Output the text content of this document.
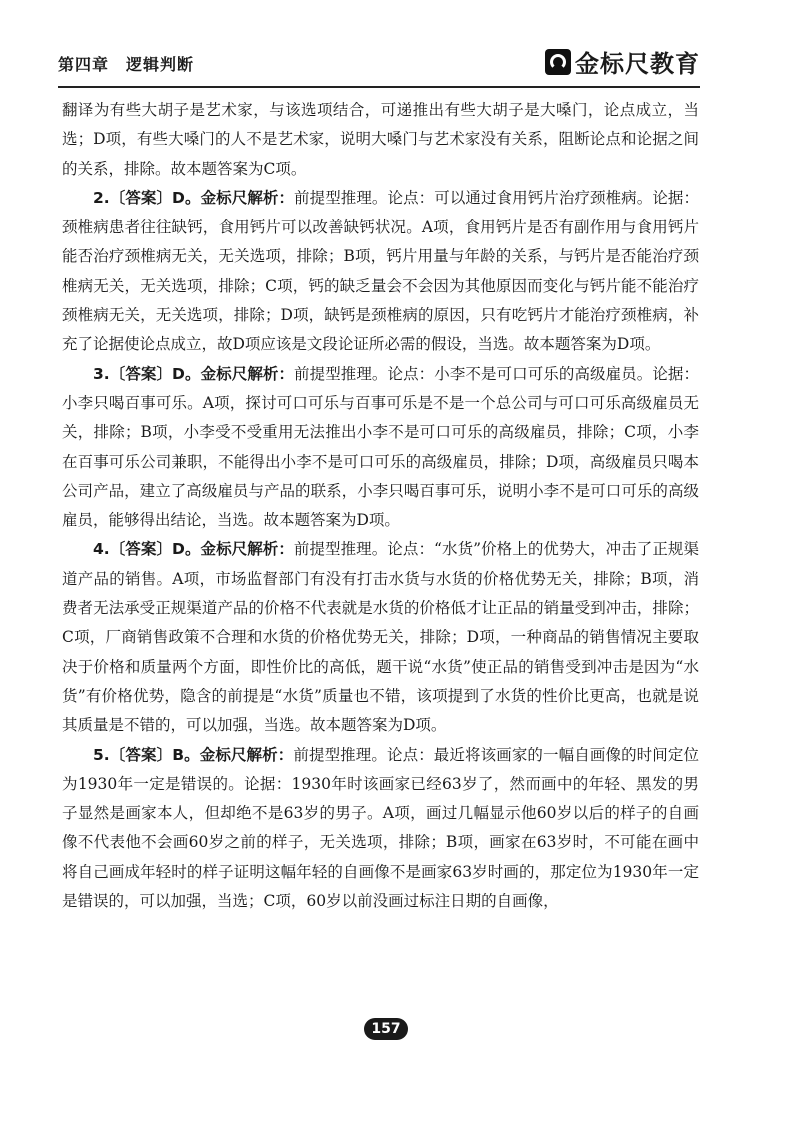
第四章　逻辑判断	金标尺教育

翻译为有些大胡子是艺术家，与该选项结合，可递推出有些大胡子是大嗓门，论点成立，当选；D项，有些大嗓门的人不是艺术家，说明大嗓门与艺术家没有关系，阻断论点和论据之间的关系，排除。故本题答案为C项。

2.〔答案〕D。金标尺解析：前提型推理。论点：可以通过食用钙片治疗颈椎病。论据：颈椎病患者往往缺钙，食用钙片可以改善缺钙状况。A项，食用钙片是否有副作用与食用钙片能否治疗颈椎病无关，无关选项，排除；B项，钙片用量与年龄的关系，与钙片是否能治疗颈椎病无关，无关选项，排除；C项，钙的缺乏量会不会因为其他原因而变化与钙片能不能治疗颈椎病无关，无关选项，排除；D项，缺钙是颈椎病的原因，只有吃钙片才能治疗颈椎病，补充了论据使论点成立，故D项应该是文段论证所必需的假设，当选。故本题答案为D项。

3.〔答案〕D。金标尺解析：前提型推理。论点：小李不是可口可乐的高级雇员。论据：小李只喝百事可乐。A项，探讨可口可乐与百事可乐是不是一个总公司与可口可乐高级雇员无关，排除；B项，小李受不受重用无法推出小李不是可口可乐的高级雇员，排除；C项，小李在百事可乐公司兼职，不能得出小李不是可口可乐的高级雇员，排除；D项，高级雇员只喝本公司产品，建立了高级雇员与产品的联系，小李只喝百事可乐，说明小李不是可口可乐的高级雇员，能够得出结论，当选。故本题答案为D项。

4.〔答案〕D。金标尺解析：前提型推理。论点：“水货”价格上的优势大，冲击了正规渠道产品的销售。A项，市场监督部门有没有打击水货与水货的价格优势无关，排除；B项，消费者无法承受正规渠道产品的价格不代表就是水货的价格低才让正品的销量受到冲击，排除；C项，厂商销售政策不合理和水货的价格优势无关，排除；D项，一种商品的销售情况主要取决于价格和质量两个方面，即性价比的高低，题干说“水货”使正品的销售受到冲击是因为“水货”有价格优势，隐含的前提是“水货”质量也不错，该项提到了水货的性价比更高，也就是说其质量是不错的，可以加强，当选。故本题答案为D项。

5.〔答案〕B。金标尺解析：前提型推理。论点：最近将该画家的一幅自画像的时间定位为1930年一定是错误的。论据：1930年时该画家已经63岁了，然而画中的年轻、黑发的男子显然是画家本人，但却绝不是63岁的男子。A项，画过几幅显示他60岁以后的样子的自画像不代表他不会画60岁之前的样子，无关选项，排除；B项，画家在63岁时，不可能在画中将自己画成年轻时的样子证明这幅年轻的自画像不是画家63岁时画的，那定位为1930年一定是错误的，可以加强，当选；C项，60岁以前没画过标注日期的自画像，

157
